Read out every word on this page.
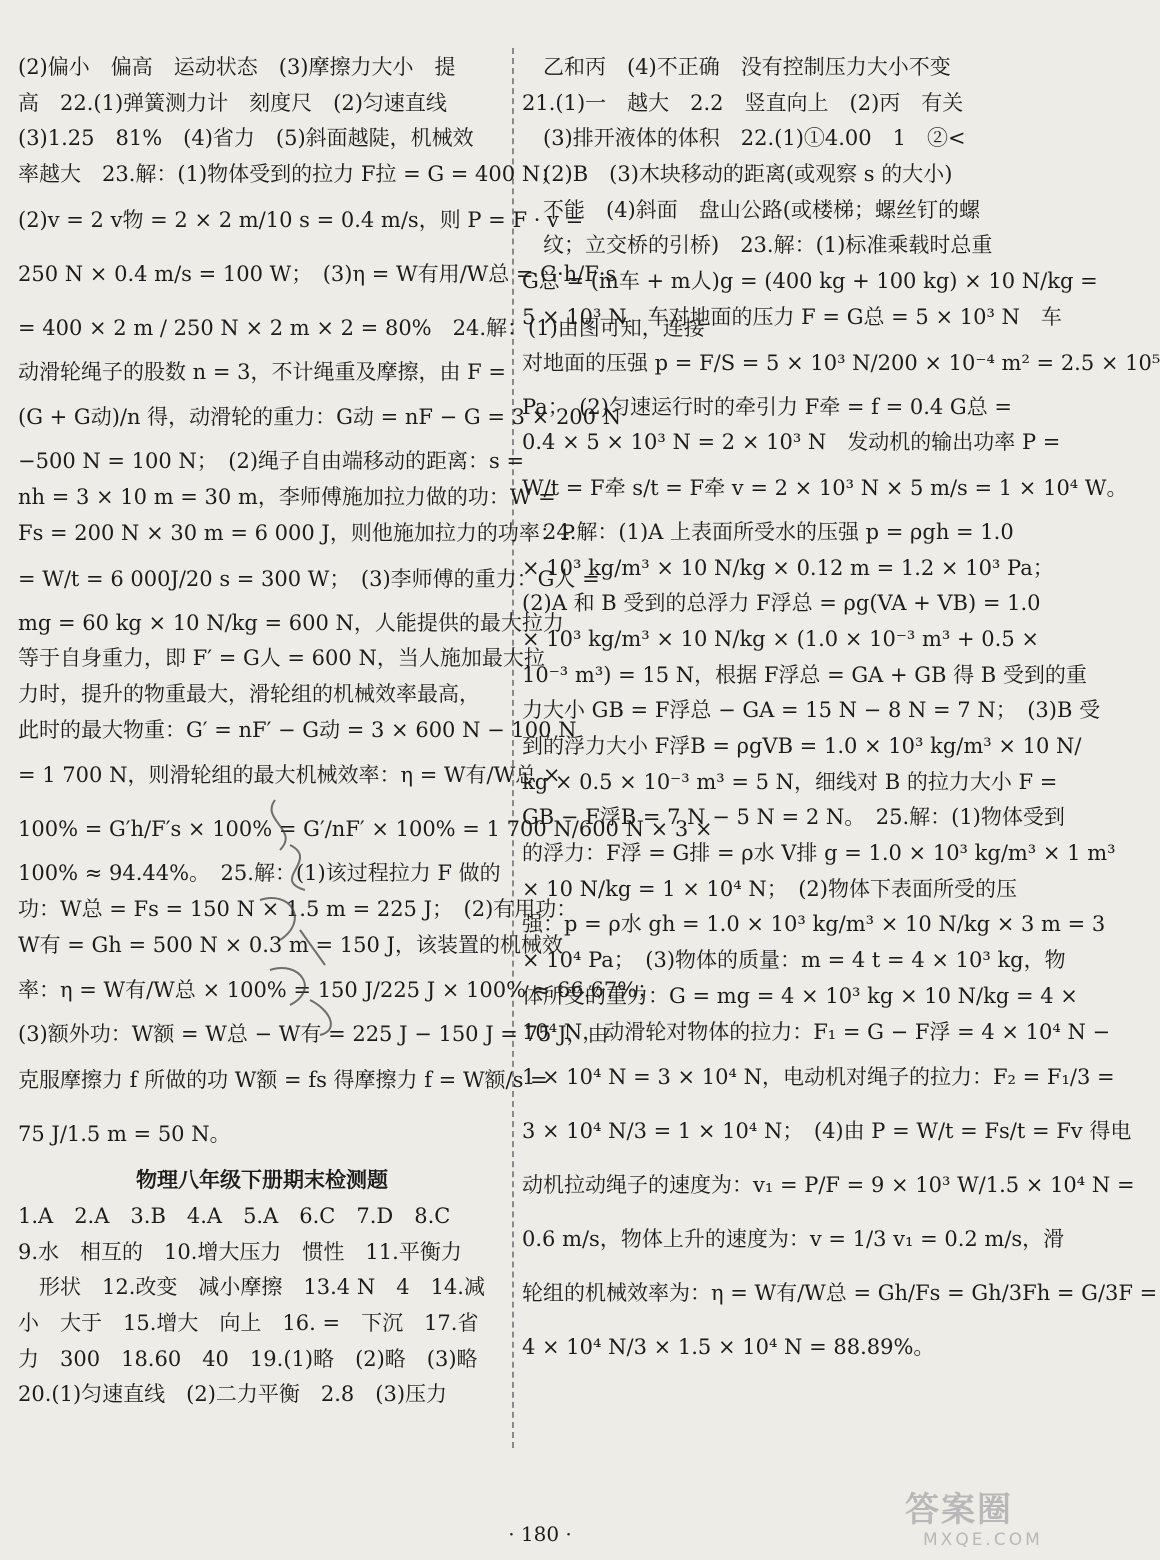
(2)偏小　偏高　运动状态　(3)摩擦力大小　提
高　22.(1)弹簧测力计　刻度尺　(2)匀速直线
(3)1.25　81%　(4)省力　(5)斜面越陡，机械效
率越大　23.解：(1)物体受到的拉力 F拉 = G = 400 N；
(2)v = 2 v物 = 2 × 2 m/10 s = 0.4 m/s，则 P = F · v =
250 N × 0.4 m/s = 100 W；　(3)η = W有用/W总 = G·h/F·s
= 400 × 2 m / 250 N × 2 m × 2 = 80%　24.解：(1)由图可知，连接
动滑轮绳子的股数 n = 3，不计绳重及摩擦，由 F =
(G + G动)/n 得，动滑轮的重力：G动 = nF − G = 3 × 200 N
−500 N = 100 N；　(2)绳子自由端移动的距离：s =
nh = 3 × 10 m = 30 m，李师傅施加拉力做的功：W =
Fs = 200 N × 30 m = 6 000 J，则他施加拉力的功率：P
= W/t = 6 000J/20 s = 300 W；　(3)李师傅的重力：G人 =
mg = 60 kg × 10 N/kg = 600 N，人能提供的最大拉力
等于自身重力，即 F′ = G人 = 600 N，当人施加最大拉
力时，提升的物重最大，滑轮组的机械效率最高，
此时的最大物重：G′ = nF′ − G动 = 3 × 600 N − 100 N
= 1 700 N，则滑轮组的最大机械效率：η = W有/W总 ×
100% = G′h/F′s × 100% = G′/nF′ × 100% = 1 700 N/600 N × 3 ×
100% ≈ 94.44%。　25.解：(1)该过程拉力 F 做的
功：W总 = Fs = 150 N × 1.5 m = 225 J；　(2)有用功：
W有 = Gh = 500 N × 0.3 m = 150 J，该装置的机械效
率：η = W有/W总 × 100% = 150 J/225 J × 100% ≈ 66.67%；
(3)额外功：W额 = W总 − W有 = 225 J − 150 J = 75 J，由
克服摩擦力 f 所做的功 W额 = fs 得摩擦力 f = W额/s =
75 J/1.5 m = 50 N。
物理八年级下册期末检测题
1.A　2.A　3.B　4.A　5.A　6.C　7.D　8.C
9.水　相互的　10.增大压力　惯性　11.平衡力
　形状　12.改变　减小摩擦　13.4 N　4　14.减
小　大于　15.增大　向上　16. =　下沉　17.省
力　300　18.60　40　19.(1)略　(2)略　(3)略
20.(1)匀速直线　(2)二力平衡　2.8　(3)压力
　乙和丙　(4)不正确　没有控制压力大小不变
21.(1)一　越大　2.2　竖直向上　(2)丙　有关
　(3)排开液体的体积　22.(1)①4.00　1　②<
　(2)B　(3)木块移动的距离(或观察 s 的大小)
　不能　(4)斜面　盘山公路(或楼梯；螺丝钉的螺
　纹；立交桥的引桥)　23.解：(1)标准乘载时总重
G总 = (m车 + m人)g = (400 kg + 100 kg) × 10 N/kg =
5 × 10³ N　车对地面的压力 F = G总 = 5 × 10³ N　车
对地面的压强 p = F/S = 5 × 10³ N/200 × 10⁻⁴ m² = 2.5 × 10⁵
Pa；　(2)匀速运行时的牵引力 F牵 = f = 0.4 G总 =
0.4 × 5 × 10³ N = 2 × 10³ N　发动机的输出功率 P =
W/t = F牵 s/t = F牵 v = 2 × 10³ N × 5 m/s = 1 × 10⁴ W。
　24.解：(1)A 上表面所受水的压强 p = ρgh = 1.0
× 10³ kg/m³ × 10 N/kg × 0.12 m = 1.2 × 10³ Pa；
(2)A 和 B 受到的总浮力 F浮总 = ρg(VA + VB) = 1.0
× 10³ kg/m³ × 10 N/kg × (1.0 × 10⁻³ m³ + 0.5 ×
10⁻³ m³) = 15 N，根据 F浮总 = GA + GB 得 B 受到的重
力大小 GB = F浮总 − GA = 15 N − 8 N = 7 N；　(3)B 受
到的浮力大小 F浮B = ρgVB = 1.0 × 10³ kg/m³ × 10 N/
kg × 0.5 × 10⁻³ m³ = 5 N，细线对 B 的拉力大小 F =
GB − F浮B = 7 N − 5 N = 2 N。　25.解：(1)物体受到
的浮力：F浮 = G排 = ρ水 V排 g = 1.0 × 10³ kg/m³ × 1 m³
× 10 N/kg = 1 × 10⁴ N；　(2)物体下表面所受的压
强：p = ρ水 gh = 1.0 × 10³ kg/m³ × 10 N/kg × 3 m = 3
× 10⁴ Pa；　(3)物体的质量：m = 4 t = 4 × 10³ kg，物
体所受的重力：G = mg = 4 × 10³ kg × 10 N/kg = 4 ×
10⁴ N，动滑轮对物体的拉力：F₁ = G − F浮 = 4 × 10⁴ N −
1 × 10⁴ N = 3 × 10⁴ N，电动机对绳子的拉力：F₂ = F₁/3 =
3 × 10⁴ N/3 = 1 × 10⁴ N；　(4)由 P = W/t = Fs/t = Fv 得电
动机拉动绳子的速度为：v₁ = P/F = 9 × 10³ W/1.5 × 10⁴ N =
0.6 m/s，物体上升的速度为：v = 1/3 v₁ = 0.2 m/s，滑
轮组的机械效率为：η = W有/W总 = Gh/Fs = Gh/3Fh = G/3F =
4 × 10⁴ N/3 × 1.5 × 10⁴ N = 88.89%。
· 180 ·
答案圈
MXQE.COM
